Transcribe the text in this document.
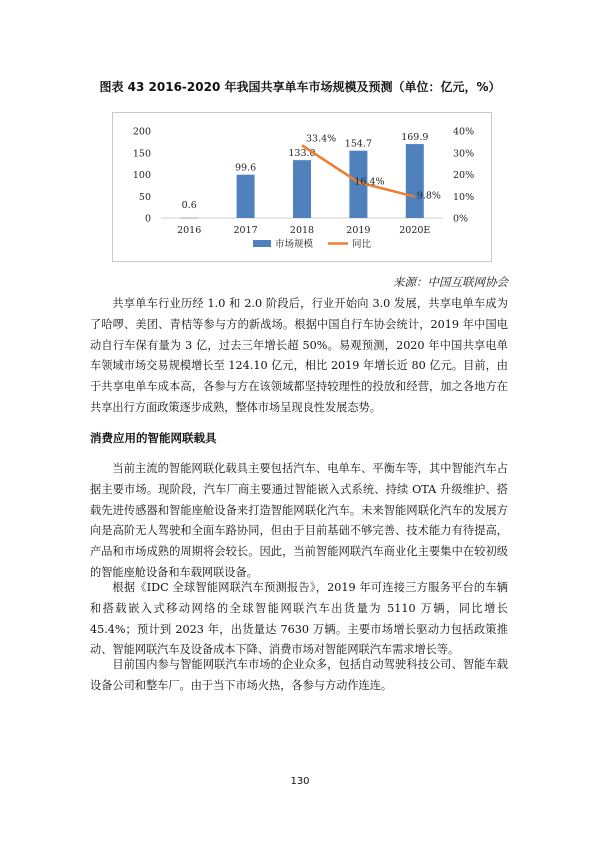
图表 43 2016-2020 年我国共享单车市场规模及预测（单位：亿元，%）
0
50
100
150
200
0%
10%
20%
30%
40%
0.6
99.6
133.0
154.7
169.9
2016	2017	2018	2019	2020E
33.4%
16.4%
9.8%
市场规模	同比
来源：中国互联网协会

共享单车行业历经 1.0 和 2.0 阶段后，行业开始向 3.0 发展，共享电单车成为了哈啰、美团、青桔等参与方的新战场。根据中国自行车协会统计，2019 年中国电动自行车保有量为 3 亿，过去三年增长超 50%。易观预测，2020 年中国共享电单车领域市场交易规模增长至 124.10 亿元，相比 2019 年增长近 80 亿元。目前，由于共享电单车成本高，各参与方在该领域都坚持较理性的投放和经营，加之各地方在共享出行方面政策逐步成熟，整体市场呈现良性发展态势。

消费应用的智能网联载具

当前主流的智能网联化载具主要包括汽车、电单车、平衡车等，其中智能汽车占据主要市场。现阶段，汽车厂商主要通过智能嵌入式系统、持续 OTA 升级维护、搭载先进传感器和智能座舱设备来打造智能网联化汽车。未来智能网联化汽车的发展方向是高阶无人驾驶和全面车路协同，但由于目前基础不够完善、技术能力有待提高，产品和市场成熟的周期将会较长。因此，当前智能网联汽车商业化主要集中在较初级的智能座舱设备和车载网联设备。

根据《IDC 全球智能网联汽车预测报告》，2019 年可连接三方服务平台的车辆和搭载嵌入式移动网络的全球智能网联汽车出货量为 5110 万辆，同比增长 45.4%；预计到 2023 年，出货量达 7630 万辆。主要市场增长驱动力包括政策推动、智能网联汽车及设备成本下降、消费市场对智能网联汽车需求增长等。

目前国内参与智能网联汽车市场的企业众多，包括自动驾驶科技公司、智能车载设备公司和整车厂。由于当下市场火热，各参与方动作连连。

130
